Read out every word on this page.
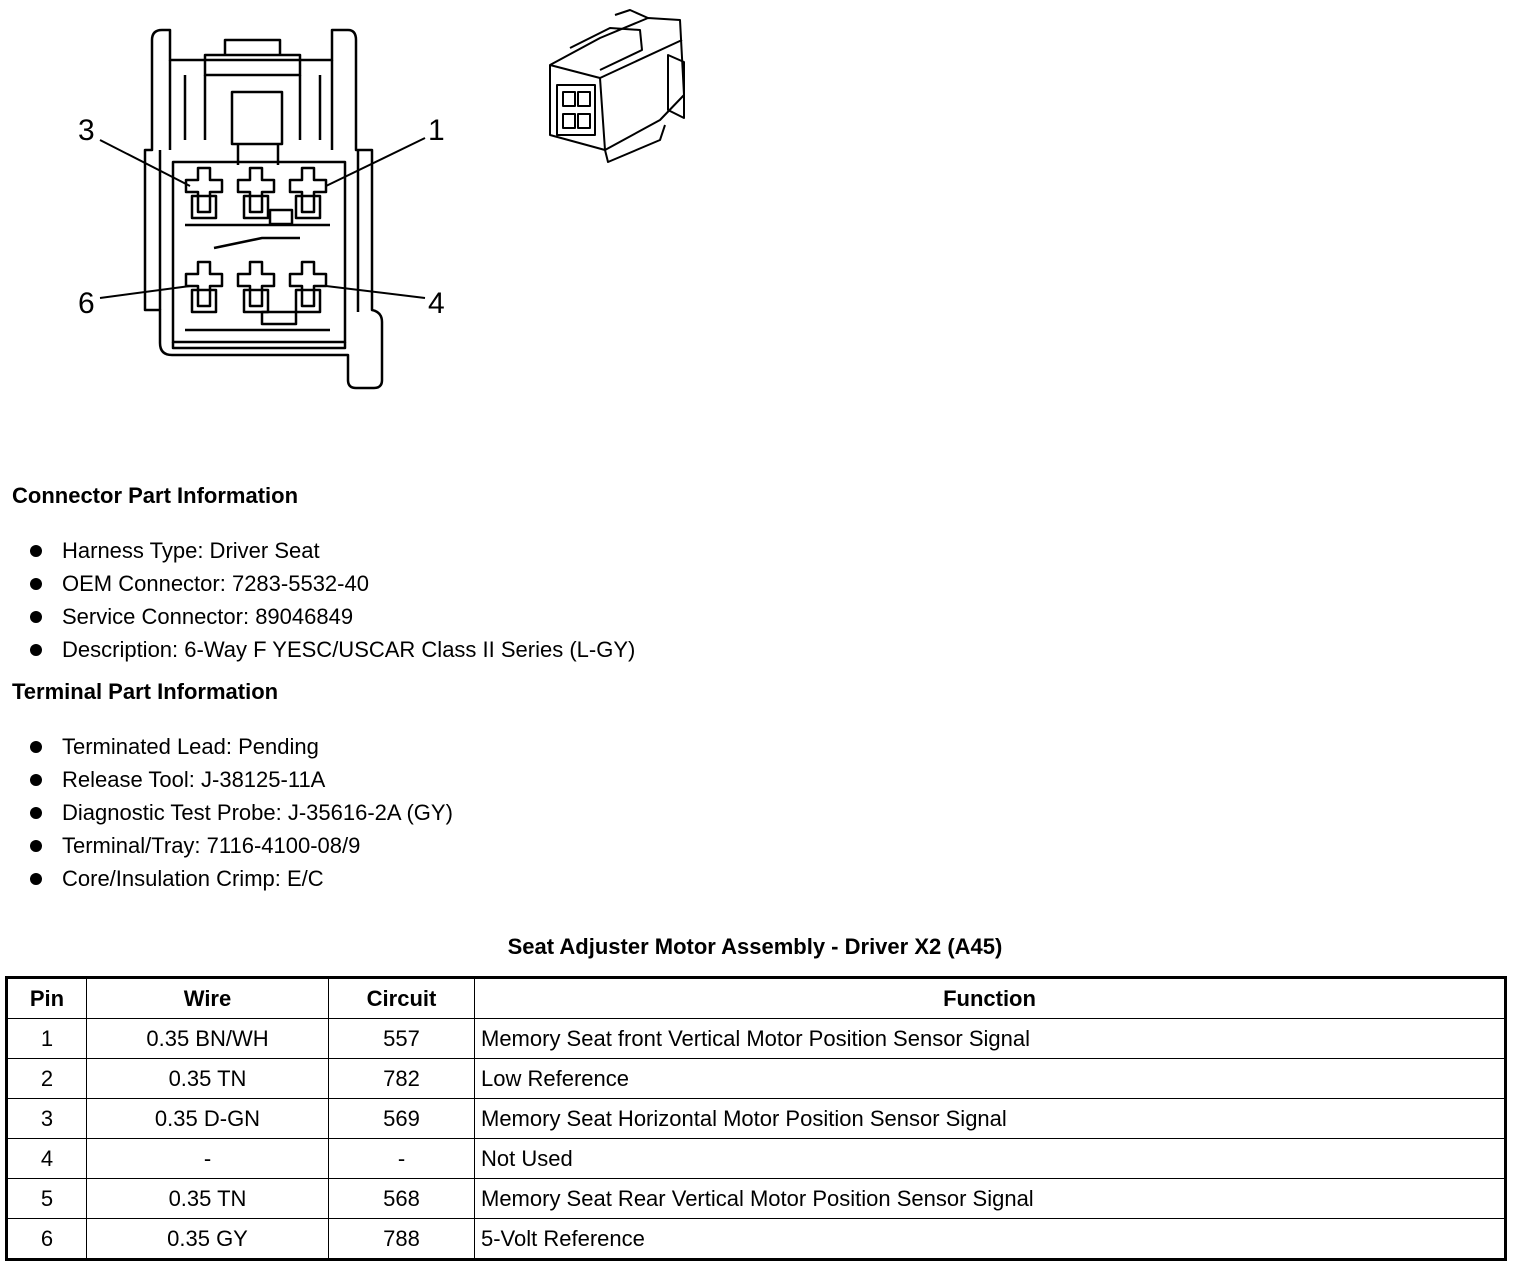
3	1
6	4
Connector Part Information
Harness Type: Driver Seat
OEM Connector: 7283-5532-40
Service Connector: 89046849
Description: 6-Way F YESC/USCAR Class II Series (L-GY)
Terminal Part Information
Terminated Lead: Pending
Release Tool: J-38125-11A
Diagnostic Test Probe: J-35616-2A (GY)
Terminal/Tray: 7116-4100-08/9
Core/Insulation Crimp: E/C
Seat Adjuster Motor Assembly - Driver X2 (A45)
Pin	Wire	Circuit	Function
1	0.35 BN/WH	557	Memory Seat front Vertical Motor Position Sensor Signal
2	0.35 TN	782	Low Reference
3	0.35 D-GN	569	Memory Seat Horizontal Motor Position Sensor Signal
4	-	-	Not Used
5	0.35 TN	568	Memory Seat Rear Vertical Motor Position Sensor Signal
6	0.35 GY	788	5-Volt Reference
